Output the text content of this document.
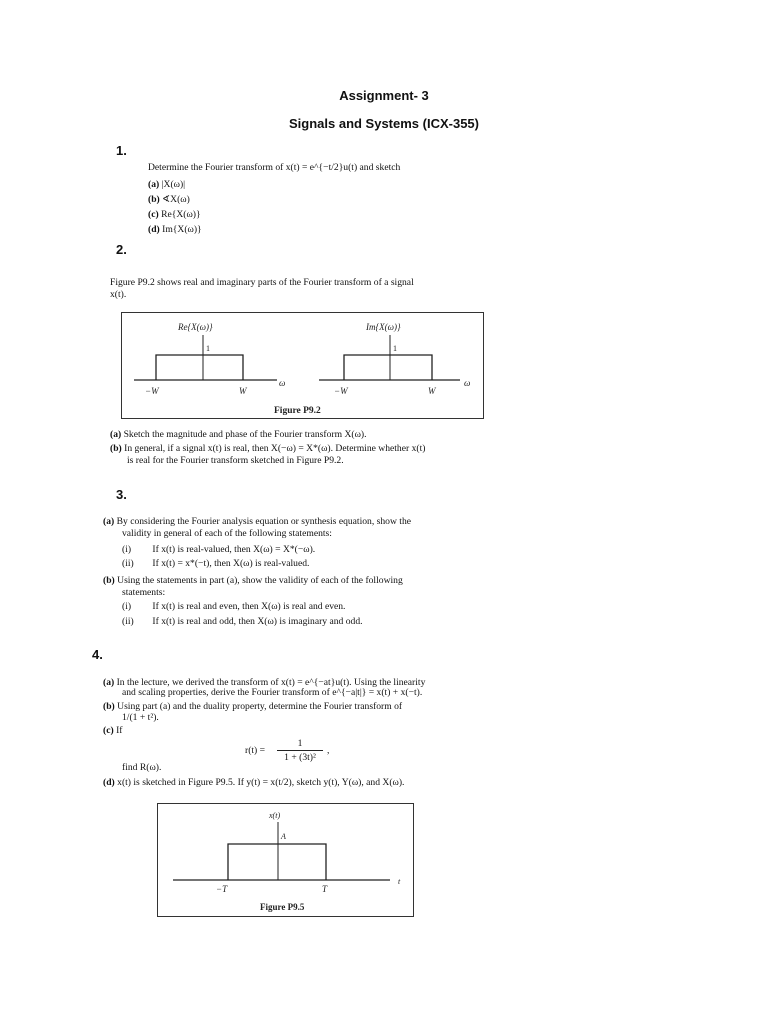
Assignment- 3
Signals and Systems (ICX-355)
1.
Determine the Fourier transform of x(t) = e^{−t/2}u(t) and sketch
(a) |X(ω)|
(b) ∢X(ω)
(c) Re{X(ω)}
(d) Im{X(ω)}
2.
Figure P9.2 shows real and imaginary parts of the Fourier transform of a signal
x(t).
Re{X(ω)}
1
−W	W
ω
Im{X(ω)}
1
−W	W
ω
Figure P9.2
(a) Sketch the magnitude and phase of the Fourier transform X(ω).
(b) In general, if a signal x(t) is real, then X(−ω) = X*(ω). Determine whether x(t)
is real for the Fourier transform sketched in Figure P9.2.
3.
(a) By considering the Fourier analysis equation or synthesis equation, show the
validity in general of each of the following statements:
(i) If x(t) is real-valued, then X(ω) = X*(−ω).
(ii) If x(t) = x*(−t), then X(ω) is real-valued.
(b) Using the statements in part (a), show the validity of each of the following
statements:
(i) If x(t) is real and even, then X(ω) is real and even.
(ii) If x(t) is real and odd, then X(ω) is imaginary and odd.
4.
(a) In the lecture, we derived the transform of x(t) = e^{−at}u(t). Using the linearity
and scaling properties, derive the Fourier transform of e^{−a|t|} = x(t) + x(−t).
(b) Using part (a) and the duality property, determine the Fourier transform of
1/(1 + t²).
(c) If
r(t) =
1
1 + (3t)²
,
find R(ω).
(d) x(t) is sketched in Figure P9.5. If y(t) = x(t/2), sketch y(t), Y(ω), and X(ω).
x(t)
A
−T	T
t
Figure P9.5
